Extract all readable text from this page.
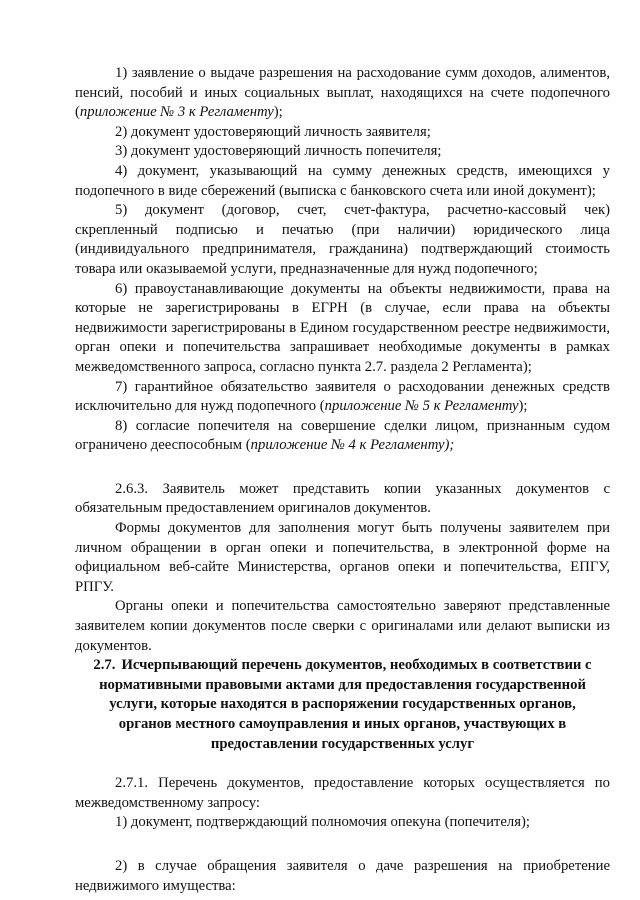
1) заявление о выдаче разрешения на расходование сумм доходов, алиментов, пенсий, пособий и иных социальных выплат, находящихся на счете подопечного (приложение № 3 к Регламенту);

2) документ удостоверяющий личность заявителя;

3) документ удостоверяющий личность попечителя;

4) документ, указывающий на сумму денежных средств, имеющихся у подопечного в виде сбережений (выписка с банковского счета или иной документ);

5) документ (договор, счет, счет-фактура, расчетно-кассовый чек) скрепленный подписью и печатью (при наличии) юридического лица (индивидуального предпринимателя, гражданина) подтверждающий стоимость товара или оказываемой услуги, предназначенные для нужд подопечного;

6) правоустанавливающие документы на объекты недвижимости, права на которые не зарегистрированы в ЕГРН (в случае, если права на объекты недвижимости зарегистрированы в Едином государственном реестре недвижимости, орган опеки и попечительства запрашивает необходимые документы в рамках межведомственного запроса, согласно пункта 2.7. раздела 2 Регламента);

7) гарантийное обязательство заявителя о расходовании денежных средств исключительно для нужд подопечного (приложение № 5 к Регламенту);

8) согласие попечителя на совершение сделки лицом, признанным судом ограничено дееспособным (приложение № 4 к Регламенту);

2.6.3. Заявитель может представить копии указанных документов с обязательным предоставлением оригиналов документов.

Формы документов для заполнения могут быть получены заявителем при личном обращении в орган опеки и попечительства, в электронной форме на официальном веб-сайте Министерства, органов опеки и попечительства, ЕПГУ, РПГУ.

Органы опеки и попечительства самостоятельно заверяют представленные заявителем копии документов после сверки с оригиналами или делают выписки из документов.

2.7. Исчерпывающий перечень документов, необходимых в соответствии с нормативными правовыми актами для предоставления государственной услуги, которые находятся в распоряжении государственных органов, органов местного самоуправления и иных органов, участвующих в предоставлении государственных услуг

2.7.1. Перечень документов, предоставление которых осуществляется по межведомственному запросу:

1) документ, подтверждающий полномочия опекуна (попечителя);

2) в случае обращения заявителя о даче разрешения на приобретение недвижимого имущества:
